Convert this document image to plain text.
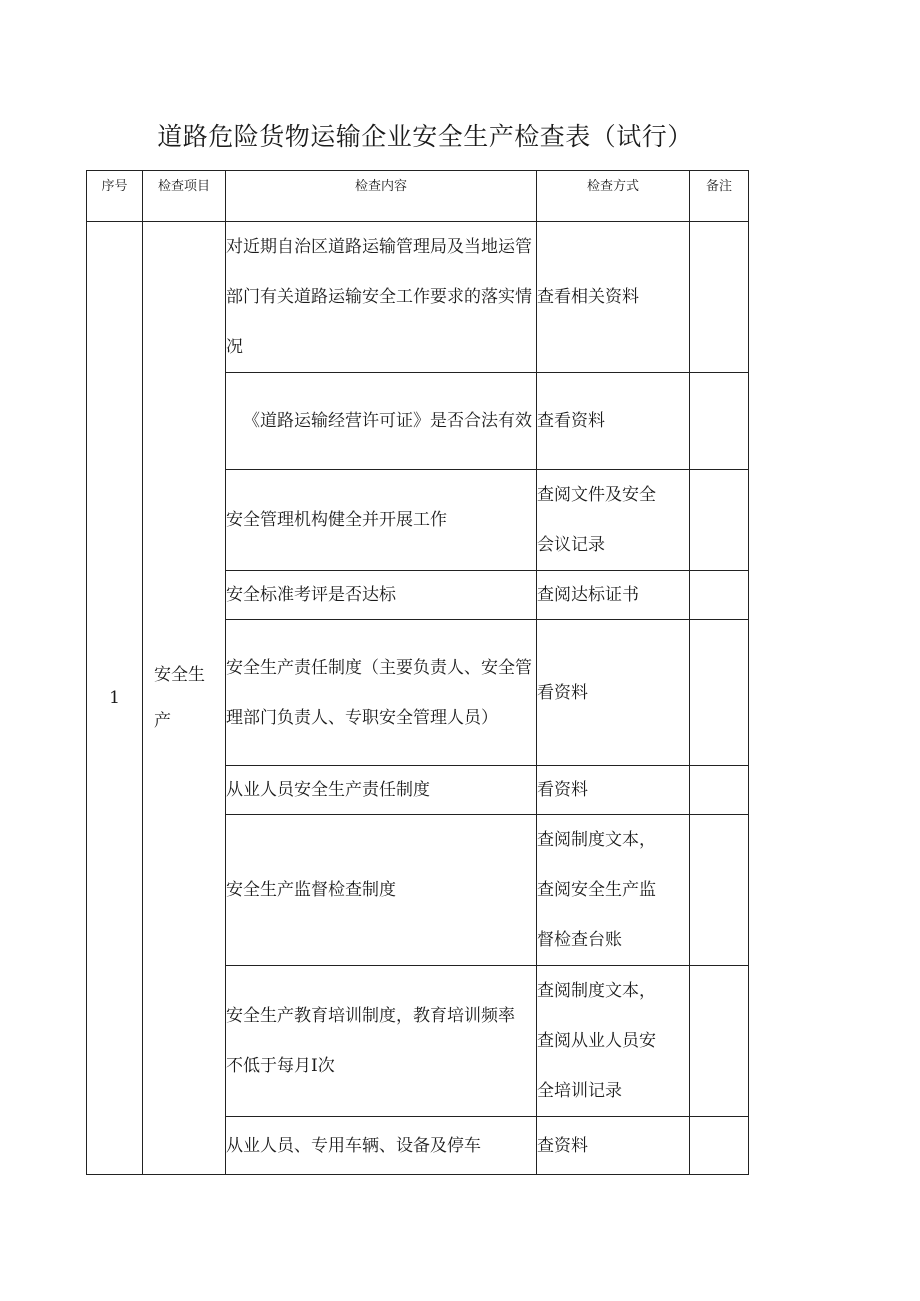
道路危险货物运输企业安全生产检查表（试行）
序号	检查项目	检查内容	检查方式	备注
1	安全生产	对近期自治区道路运输管理局及当地运管部门有关道路运输安全工作要求的落实情况	查看相关资料	
		《道路运输经营许可证》是否合法有效	查看资料	
		安全管理机构健全并开展工作	查阅文件及安全会议记录	
		安全标准考评是否达标	查阅达标证书	
		安全生产责任制度（主要负责人、安全管理部门负责人、专职安全管理人员）	看资料	
		从业人员安全生产责任制度	看资料	
		安全生产监督检查制度	查阅制度文本，查阅安全生产监督检查台账	
		安全生产教育培训制度，教育培训频率不低于每月I次	查阅制度文本，查阅从业人员安全培训记录	
		从业人员、专用车辆、设备及停车	查资料	
